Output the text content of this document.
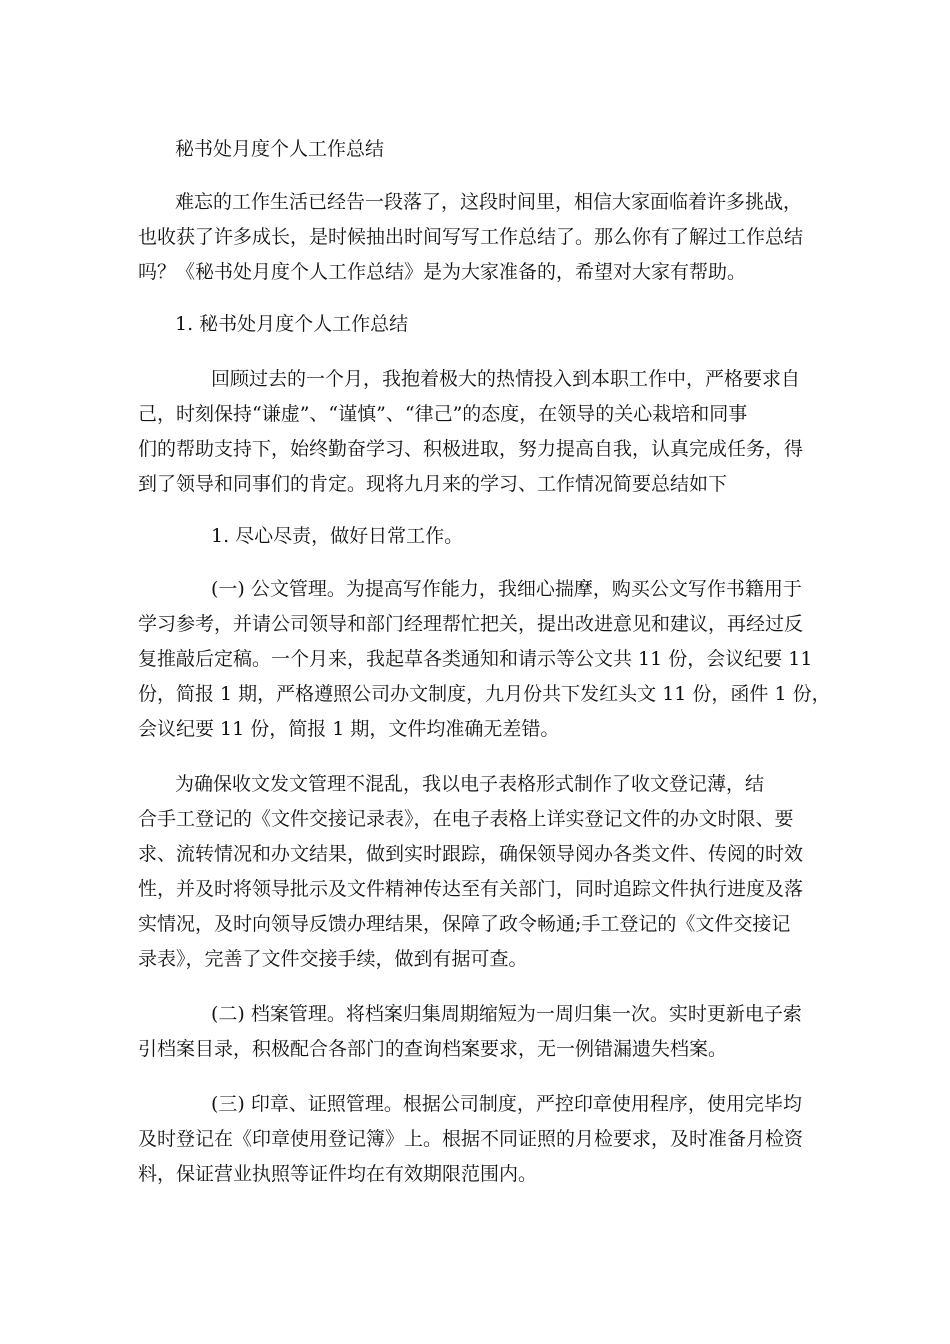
秘书处月度个人工作总结
难忘的工作生活已经告一段落了，这段时间里，相信大家面临着许多挑战，
也收获了许多成长，是时候抽出时间写写工作总结了。那么你有了解过工作总结
吗？《秘书处月度个人工作总结》是为大家准备的，希望对大家有帮助。
1. 秘书处月度个人工作总结
回顾过去的一个月，我抱着极大的热情投入到本职工作中，严格要求自
己，时刻保持“谦虚”、“谨慎”、“律己”的态度，在领导的关心栽培和同事
们的帮助支持下，始终勤奋学习、积极进取，努力提高自我，认真完成任务，得
到了领导和同事们的肯定。现将九月来的学习、工作情况简要总结如下
1. 尽心尽责，做好日常工作。
(一) 公文管理。为提高写作能力，我细心揣摩，购买公文写作书籍用于
学习参考，并请公司领导和部门经理帮忙把关，提出改进意见和建议，再经过反
复推敲后定稿。一个月来，我起草各类通知和请示等公文共 11 份，会议纪要 11
份，简报 1 期，严格遵照公司办文制度，九月份共下发红头文 11 份，函件 1 份，
会议纪要 11 份，简报 1 期，文件均准确无差错。
为确保收文发文管理不混乱，我以电子表格形式制作了收文登记薄，结
合手工登记的《文件交接记录表》，在电子表格上详实登记文件的办文时限、要
求、流转情况和办文结果，做到实时跟踪，确保领导阅办各类文件、传阅的时效
性，并及时将领导批示及文件精神传达至有关部门，同时追踪文件执行进度及落
实情况，及时向领导反馈办理结果，保障了政令畅通;手工登记的《文件交接记
录表》，完善了文件交接手续，做到有据可查。
(二) 档案管理。将档案归集周期缩短为一周归集一次。实时更新电子索
引档案目录，积极配合各部门的查询档案要求，无一例错漏遗失档案。
(三) 印章、证照管理。根据公司制度，严控印章使用程序，使用完毕均
及时登记在《印章使用登记簿》上。根据不同证照的月检要求，及时准备月检资
料，保证营业执照等证件均在有效期限范围内。
